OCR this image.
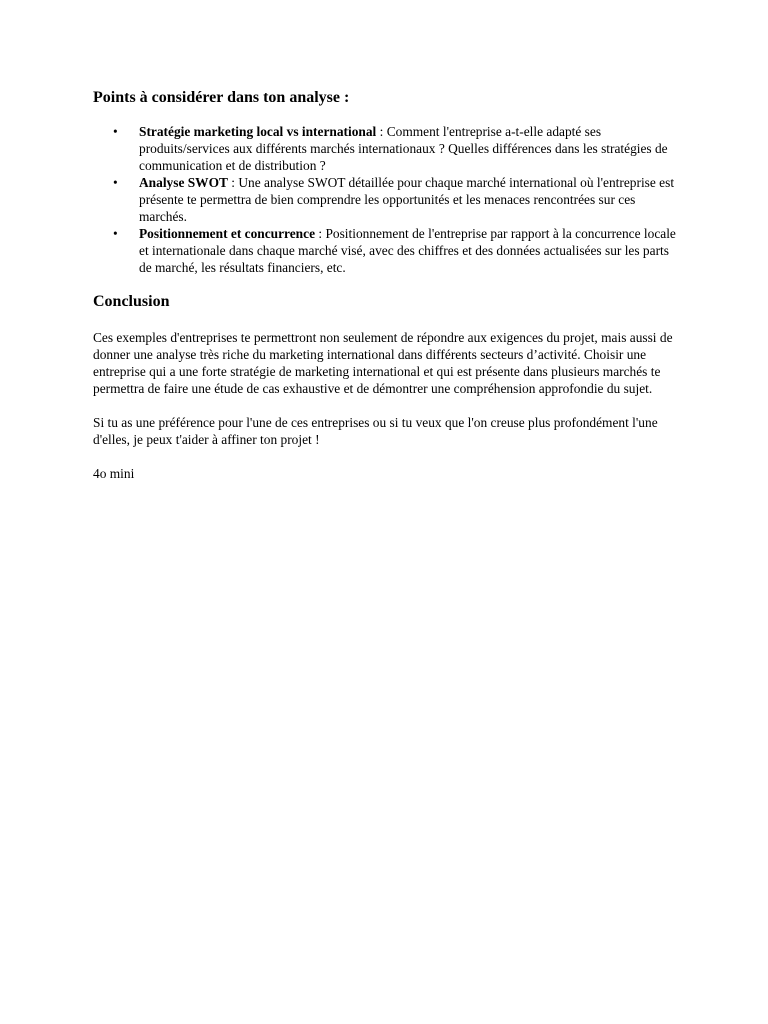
Points à considérer dans ton analyse :
• Stratégie marketing local vs international : Comment l'entreprise a-t-elle adapté ses produits/services aux différents marchés internationaux ? Quelles différences dans les stratégies de communication et de distribution ?
• Analyse SWOT : Une analyse SWOT détaillée pour chaque marché international où l'entreprise est présente te permettra de bien comprendre les opportunités et les menaces rencontrées sur ces marchés.
• Positionnement et concurrence : Positionnement de l'entreprise par rapport à la concurrence locale et internationale dans chaque marché visé, avec des chiffres et des données actualisées sur les parts de marché, les résultats financiers, etc.
Conclusion

Ces exemples d'entreprises te permettront non seulement de répondre aux exigences du projet, mais aussi de donner une analyse très riche du marketing international dans différents secteurs d’activité. Choisir une entreprise qui a une forte stratégie de marketing international et qui est présente dans plusieurs marchés te permettra de faire une étude de cas exhaustive et de démontrer une compréhension approfondie du sujet.

Si tu as une préférence pour l'une de ces entreprises ou si tu veux que l'on creuse plus profondément l'une d'elles, je peux t'aider à affiner ton projet !

4o mini
